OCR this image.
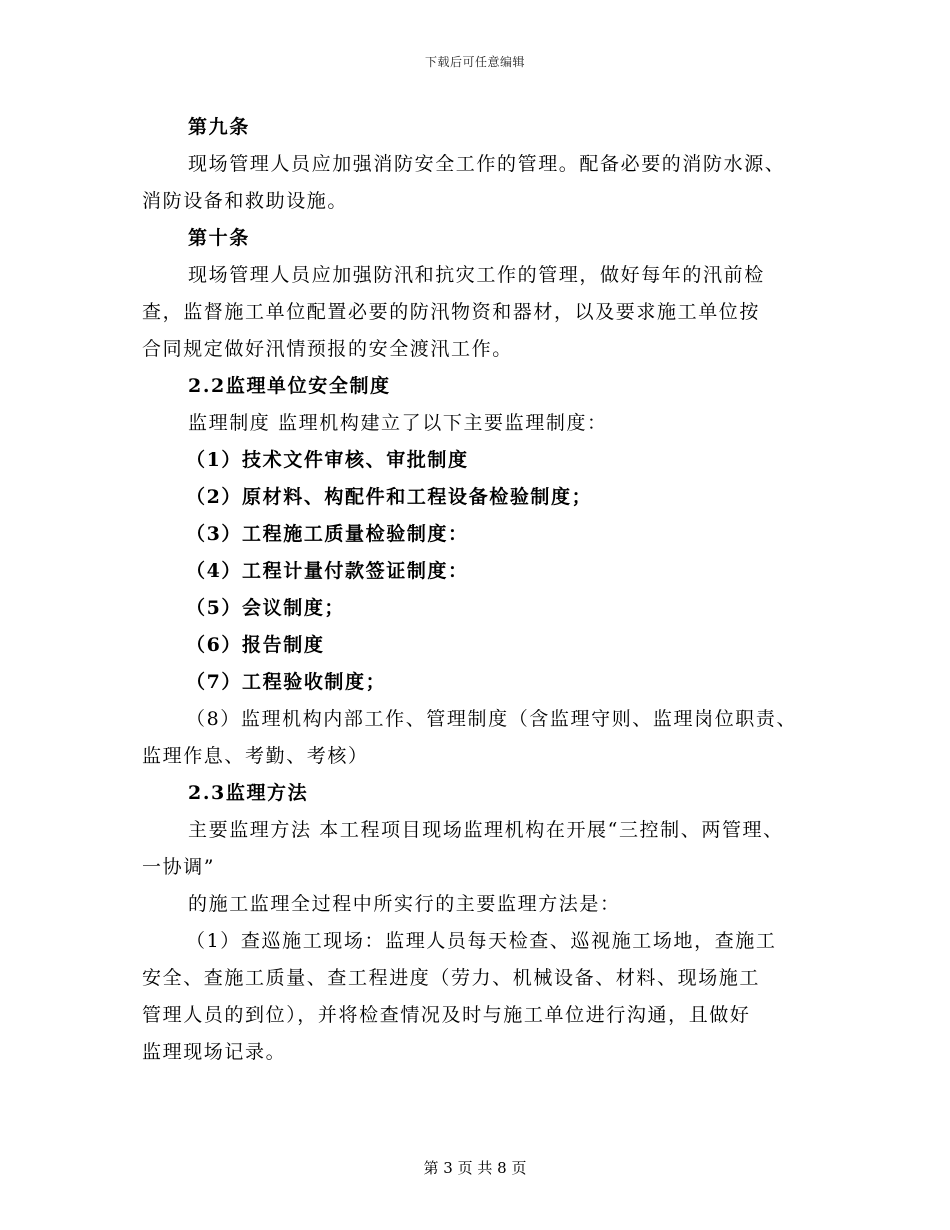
下载后可任意编辑
第九条
现场管理人员应加强消防安全工作的管理。配备必要的消防水源、
消防设备和救助设施。
第十条
现场管理人员应加强防汛和抗灾工作的管理，做好每年的汛前检
查，监督施工单位配置必要的防汛物资和器材，以及要求施工单位按
合同规定做好汛情预报的安全渡汛工作。
2.2监理单位安全制度
监理制度 监理机构建立了以下主要监理制度：
（1）技术文件审核、审批制度
（2）原材料、构配件和工程设备检验制度；
（3）工程施工质量检验制度：
（4）工程计量付款签证制度：
（5）会议制度；
（6）报告制度
（7）工程验收制度；
（8）监理机构内部工作、管理制度（含监理守则、监理岗位职责、
监理作息、考勤、考核）
2.3监理方法
主要监理方法 本工程项目现场监理机构在开展“三控制、两管理、
一协调”
的施工监理全过程中所实行的主要监理方法是：
（1）查巡施工现场：监理人员每天检查、巡视施工场地，查施工
安全、查施工质量、查工程进度（劳力、机械设备、材料、现场施工
管理人员的到位），并将检查情况及时与施工单位进行沟通，且做好
监理现场记录。
第 3 页 共 8 页
